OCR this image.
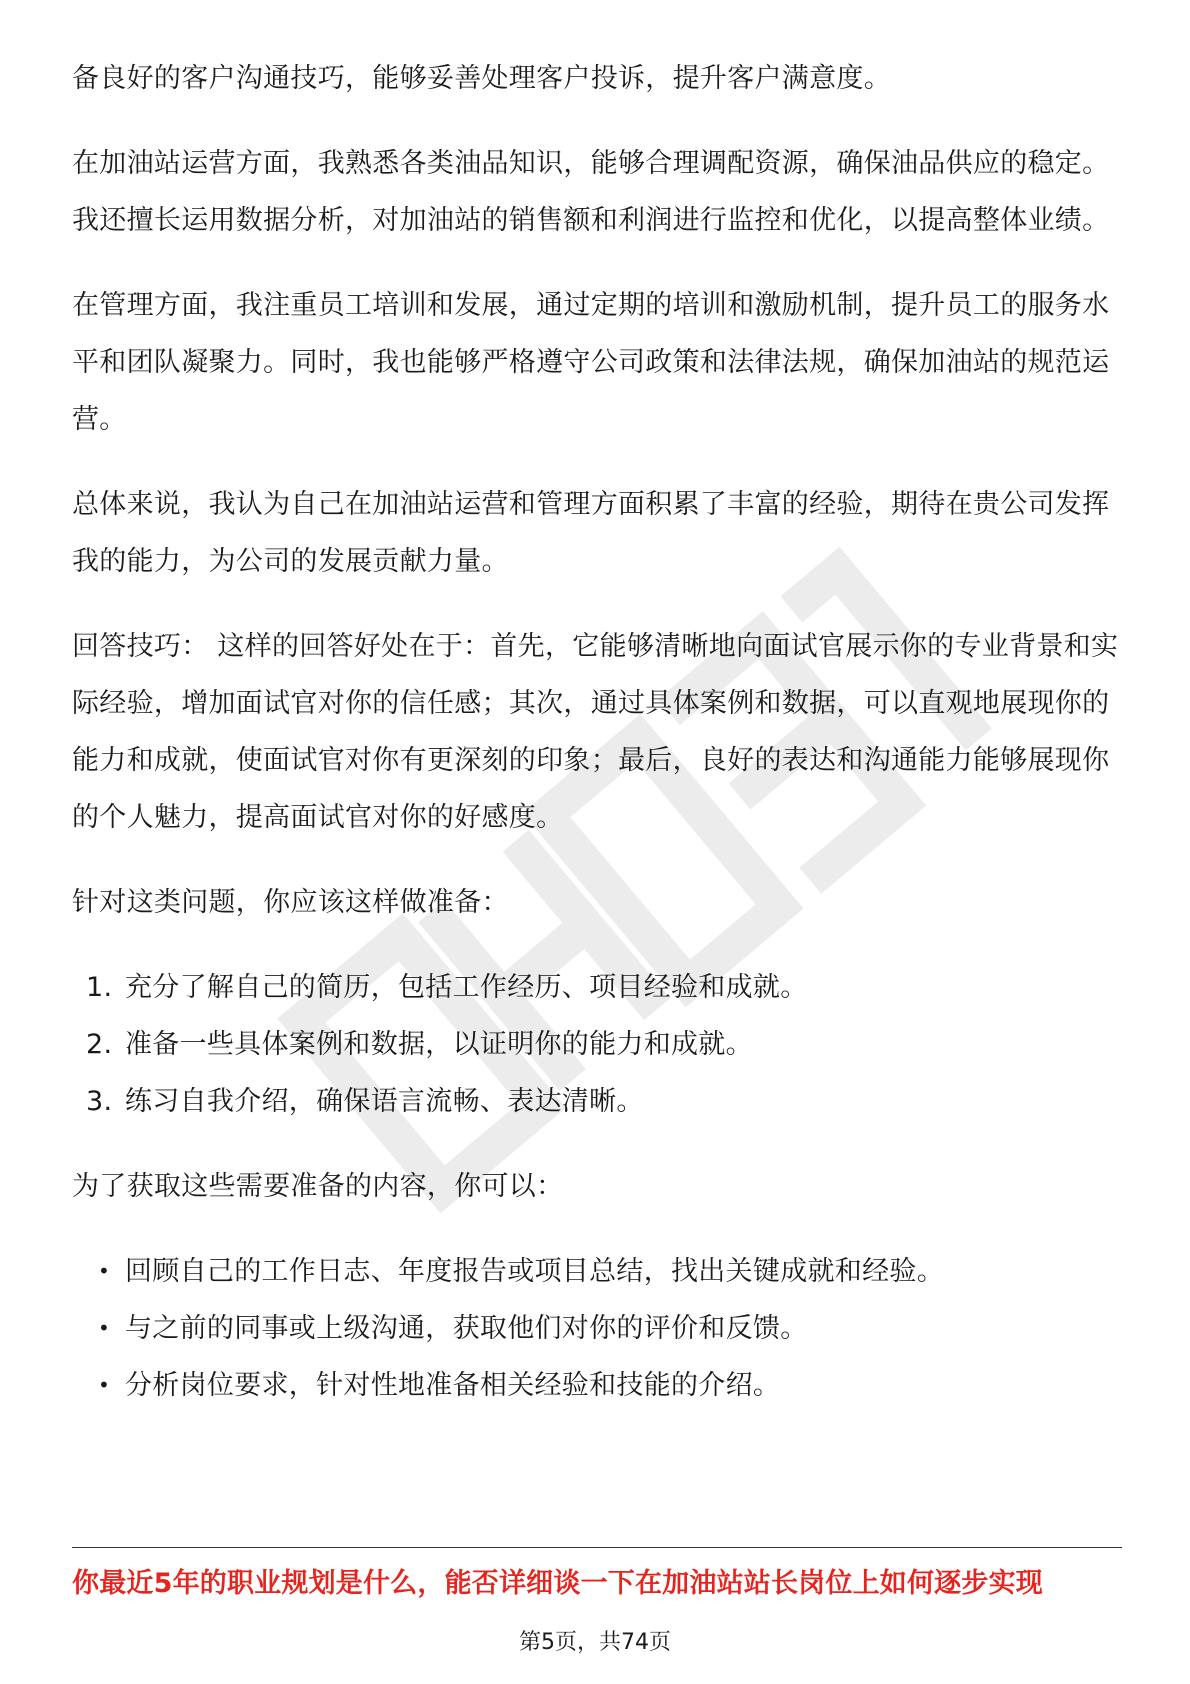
备良好的客户沟通技巧，能够妥善处理客户投诉，提升客户满意度。

在加油站运营方面，我熟悉各类油品知识，能够合理调配资源，确保油品供应的稳定。我还擅长运用数据分析，对加油站的销售额和利润进行监控和优化，以提高整体业绩。

在管理方面，我注重员工培训和发展，通过定期的培训和激励机制，提升员工的服务水平和团队凝聚力。同时，我也能够严格遵守公司政策和法律法规，确保加油站的规范运营。

总体来说，我认为自己在加油站运营和管理方面积累了丰富的经验，期待在贵公司发挥我的能力，为公司的发展贡献力量。

回答技巧： 这样的回答好处在于：首先，它能够清晰地向面试官展示你的专业背景和实际经验，增加面试官对你的信任感；其次，通过具体案例和数据，可以直观地展现你的能力和成就，使面试官对你有更深刻的印象；最后，良好的表达和沟通能力能够展现你的个人魅力，提高面试官对你的好感度。

针对这类问题，你应该这样做准备：

1. 充分了解自己的简历，包括工作经历、项目经验和成就。
2. 准备一些具体案例和数据，以证明你的能力和成就。
3. 练习自我介绍，确保语言流畅、表达清晰。

为了获取这些需要准备的内容，你可以：

• 回顾自己的工作日志、年度报告或项目总结，找出关键成就和经验。
• 与之前的同事或上级沟通，获取他们对你的评价和反馈。
• 分析岗位要求，针对性地准备相关经验和技能的介绍。
你最近5年的职业规划是什么，能否详细谈一下在加油站站长岗位上如何逐步实现
第5页，共74页
